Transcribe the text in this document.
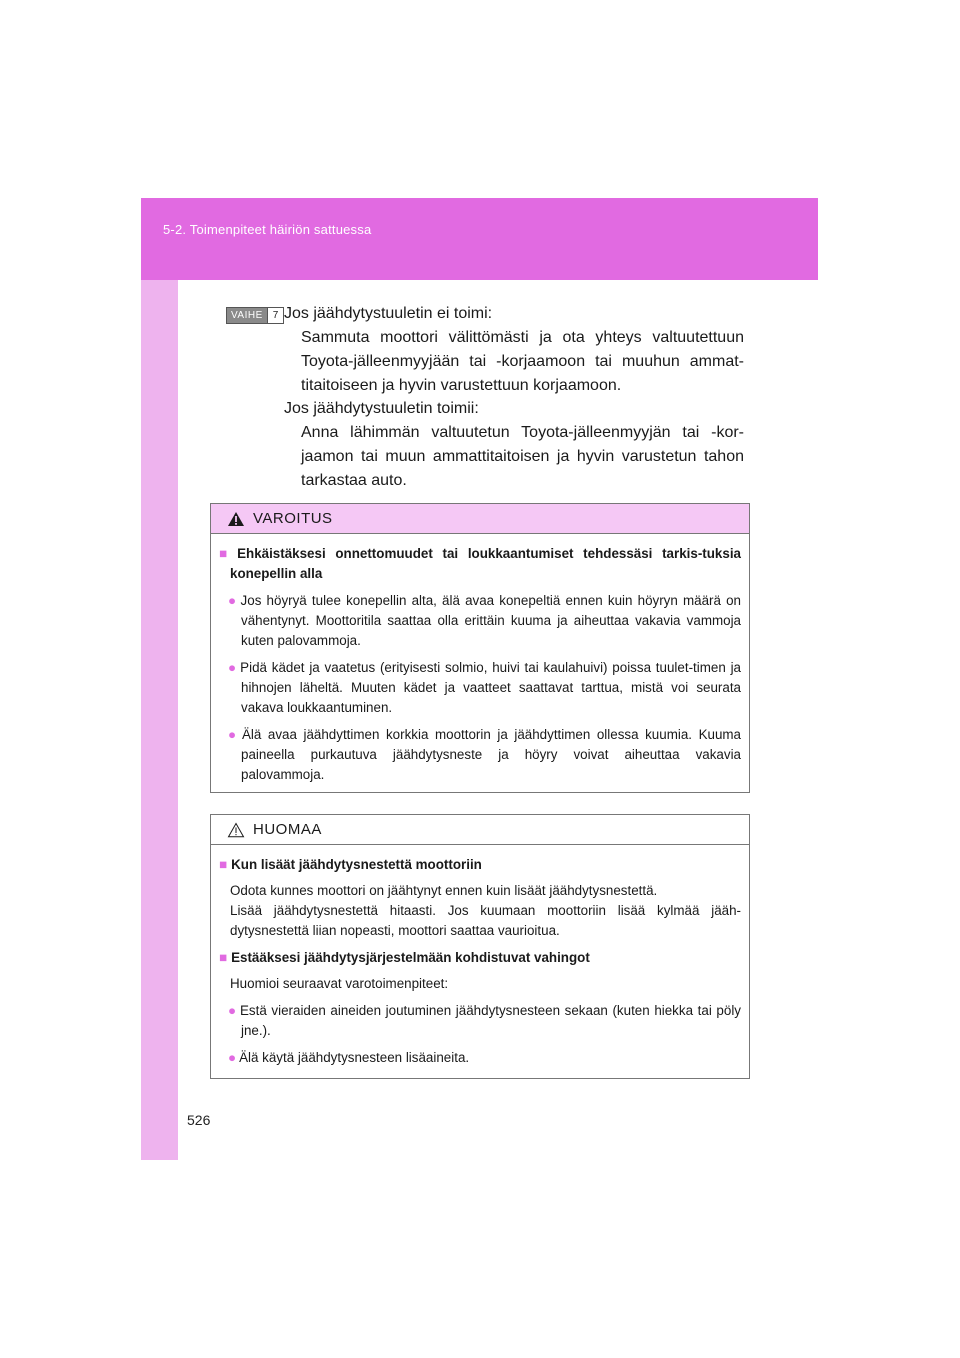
5-2. Toimenpiteet häiriön sattuessa
VAIHE	7 Jos jäähdytystuuletin ei toimi:
Sammuta moottori välittömästi ja ota yhteys valtuutettuun
Toyota-jälleenmyyjään tai -korjaamoon tai muuhun ammat-
titaitoiseen ja hyvin varustettuun korjaamoon.
Jos jäähdytystuuletin toimii:
Anna lähimmän valtuutetun Toyota-jälleenmyyjän tai -kor-
jaamon tai muun ammattitaitoisen ja hyvin varustetun tahon
tarkastaa auto.
VAROITUS
■ Ehkäistäksesi onnettomuudet tai loukkaantumiset tehdessäsi tarkis-tuksia konepellin alla
● Jos höyryä tulee konepellin alta, älä avaa konepeltiä ennen kuin höyryn määrä on vähentynyt. Moottoritila saattaa olla erittäin kuuma ja aiheuttaa vakavia vammoja kuten palovammoja.
● Pidä kädet ja vaatetus (erityisesti solmio, huivi tai kaulahuivi) poissa tuulet-timen ja hihnojen läheltä. Muuten kädet ja vaatteet saattavat tarttua, mistä voi seurata vakava loukkaantuminen.
● Älä avaa jäähdyttimen korkkia moottorin ja jäähdyttimen ollessa kuumia. Kuuma paineella purkautuva jäähdytysneste ja höyry voivat aiheuttaa vakavia palovammoja.
HUOMAA
■ Kun lisäät jäähdytysnestettä moottoriin
Odota kunnes moottori on jäähtynyt ennen kuin lisäät jäähdytysnestettä.
Lisää jäähdytysnestettä hitaasti. Jos kuumaan moottoriin lisää kylmää jääh-dytysnestettä liian nopeasti, moottori saattaa vaurioitua.
■ Estääksesi jäähdytysjärjestelmään kohdistuvat vahingot
Huomioi seuraavat varotoimenpiteet:
● Estä vieraiden aineiden joutuminen jäähdytysnesteen sekaan (kuten hiekka tai pöly jne.).
● Älä käytä jäähdytysnesteen lisäaineita.
526
